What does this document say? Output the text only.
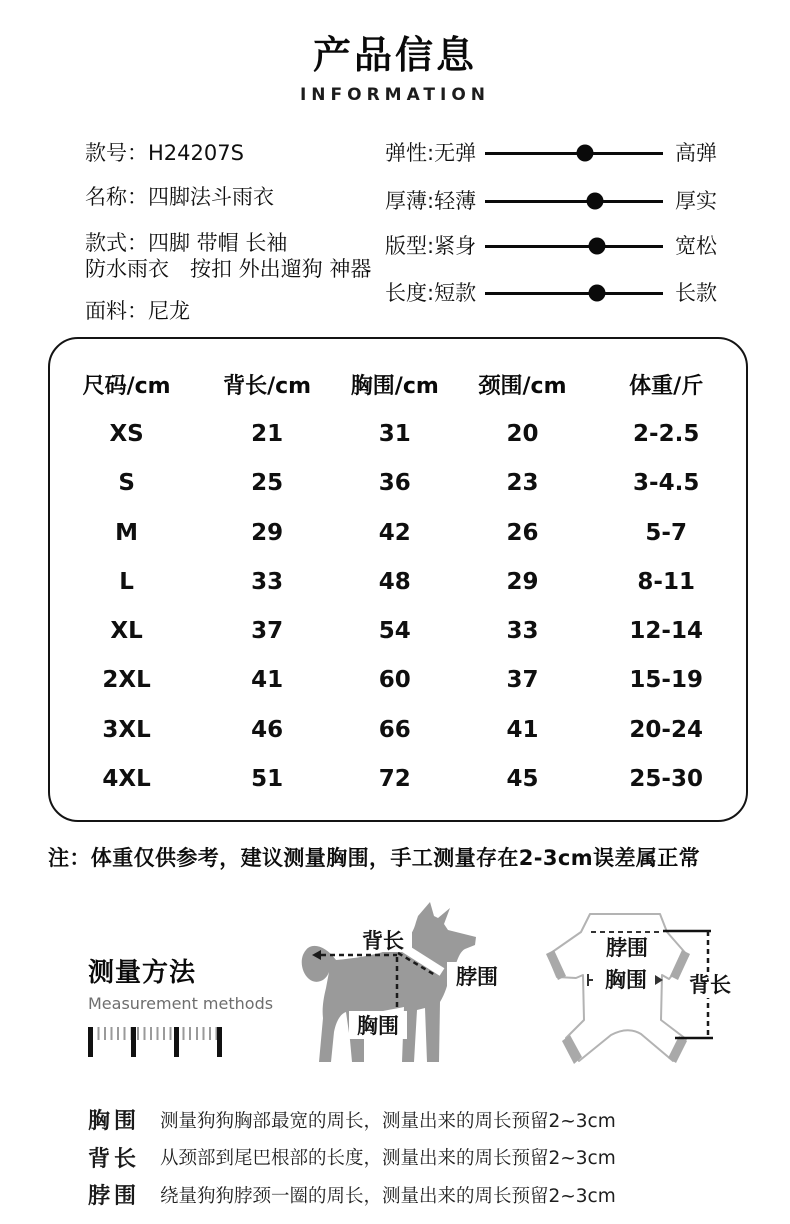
产品信息
INFORMATION
款号：H24207S
名称：四脚法斗雨衣
款式：四脚 带帽 长袖
防水雨衣　按扣 外出遛狗 神器
面料：尼龙
弹性:无弹	高弹
厚薄:轻薄	厚实
版型:紧身	宽松
长度:短款	长款
尺码/cm	背长/cm	胸围/cm	颈围/cm	体重/斤
XS	21	31	20	2-2.5
S	25	36	23	3-4.5
M	29	42	26	5-7
L	33	48	29	8-11
XL	37	54	33	12-14
2XL	41	60	37	15-19
3XL	46	66	41	20-24
4XL	51	72	45	25-30
注：体重仅供参考，建议测量胸围，手工测量存在2-3cm误差属正常
测量方法
Measurement methods
背长
脖围
胸围
脖围
胸围 背长
胸围	测量狗狗胸部最宽的周长，测量出来的周长预留2~3cm
背长	从颈部到尾巴根部的长度，测量出来的周长预留2~3cm
脖围	绕量狗狗脖颈一圈的周长，测量出来的周长预留2~3cm
